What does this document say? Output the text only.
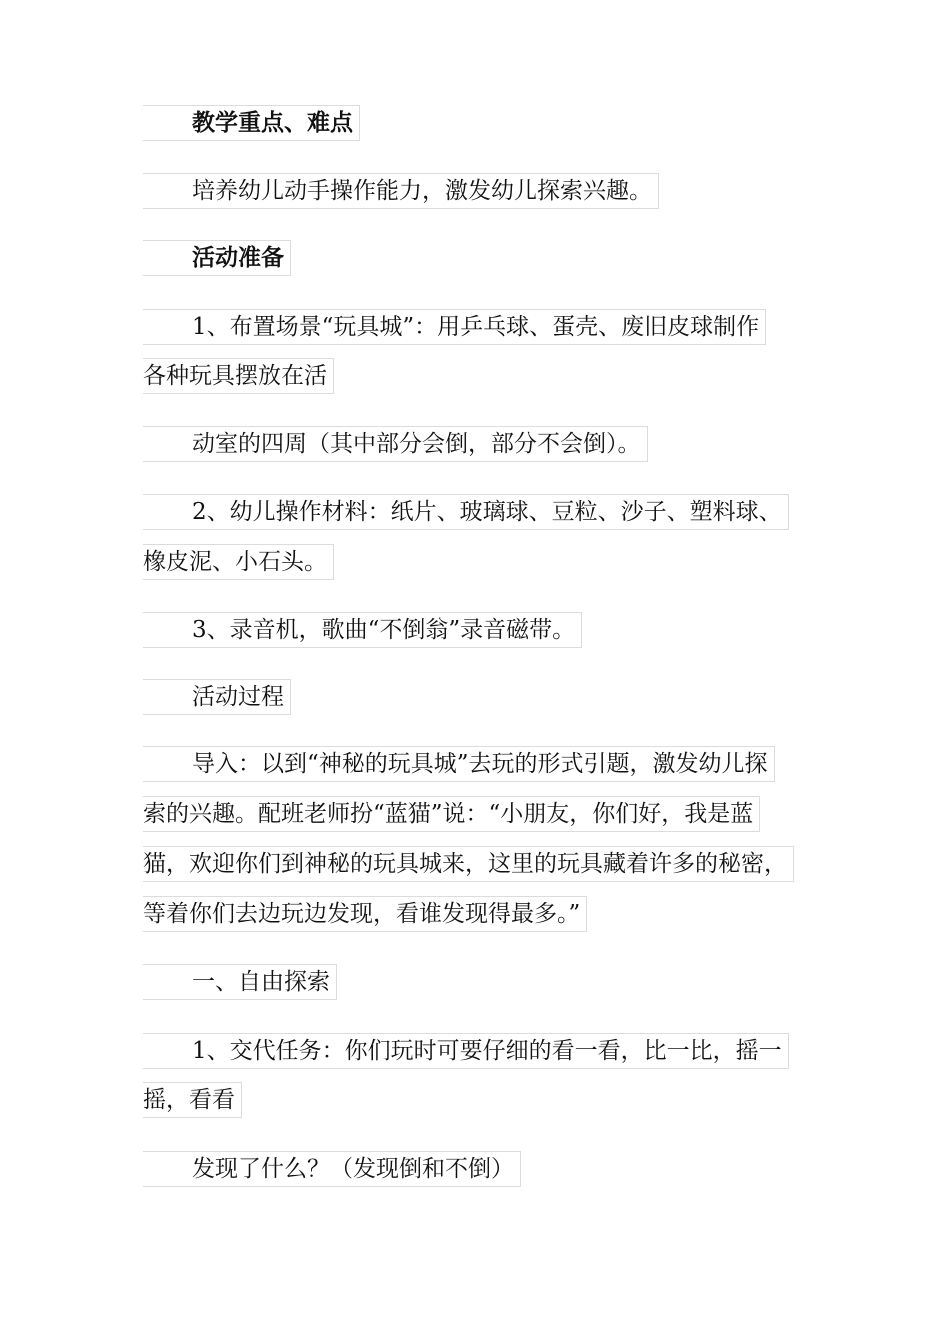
教学重点、难点
培养幼儿动手操作能力，激发幼儿探索兴趣。
活动准备
1、布置场景“玩具城”：用乒乓球、蛋壳、废旧皮球制作
各种玩具摆放在活
动室的四周（其中部分会倒，部分不会倒）。
2、幼儿操作材料：纸片、玻璃球、豆粒、沙子、塑料球、
橡皮泥、小石头。
3、录音机，歌曲“不倒翁”录音磁带。
活动过程
导入：以到“神秘的玩具城”去玩的形式引题，激发幼儿探
索的兴趣。配班老师扮“蓝猫”说：“小朋友，你们好，我是蓝
猫，欢迎你们到神秘的玩具城来，这里的玩具藏着许多的秘密，
等着你们去边玩边发现，看谁发现得最多。”
一、自由探索
1、交代任务：你们玩时可要仔细的看一看，比一比，摇一
摇，看看
发现了什么？（发现倒和不倒）
